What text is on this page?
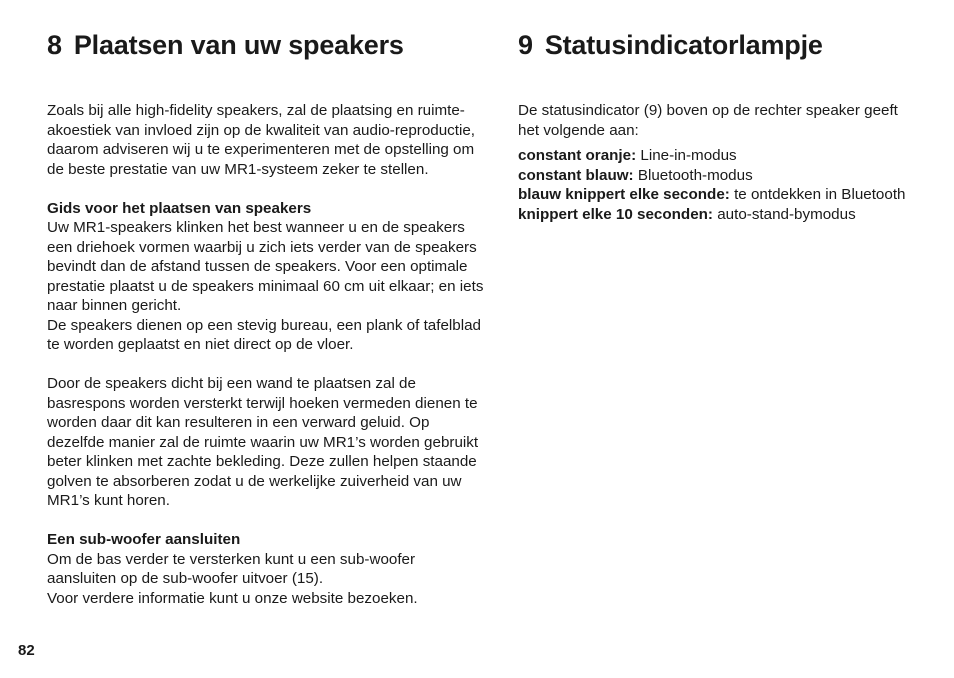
8 Plaatsen van uw speakers

Zoals bij alle high-fidelity speakers, zal de plaatsing en ruimte-akoestiek van invloed zijn op de kwaliteit van audio-reproductie, daarom adviseren wij u te experimenteren met de opstelling om de beste prestatie van uw MR1-systeem zeker te stellen.

Gids voor het plaatsen van speakers
Uw MR1-speakers klinken het best wanneer u en de speakers een driehoek vormen waarbij u zich iets verder van de speakers bevindt dan de afstand tussen de speakers. Voor een optimale prestatie plaatst u de speakers minimaal 60 cm uit elkaar; en iets naar binnen gericht.
De speakers dienen op een stevig bureau, een plank of tafelblad te worden geplaatst en niet direct op de vloer.

Door de speakers dicht bij een wand te plaatsen zal de basrespons worden versterkt terwijl hoeken vermeden dienen te worden daar dit kan resulteren in een verward geluid. Op dezelfde manier zal de ruimte waarin uw MR1’s worden gebruikt beter klinken met zachte bekleding. Deze zullen helpen staande golven te absorberen zodat u de werkelijke zuiverheid van uw MR1’s kunt horen.

Een sub-woofer aansluiten
Om de bas verder te versterken kunt u een sub-woofer aansluiten op de sub-woofer uitvoer (15).
Voor verdere informatie kunt u onze website bezoeken.

9 Statusindicatorlampje

De statusindicator (9) boven op de rechter speaker geeft het volgende aan:

constant oranje: Line-in-modus
constant blauw: Bluetooth-modus
blauw knippert elke seconde: te ontdekken in Bluetooth
knippert elke 10 seconden: auto-stand-bymodus

82
